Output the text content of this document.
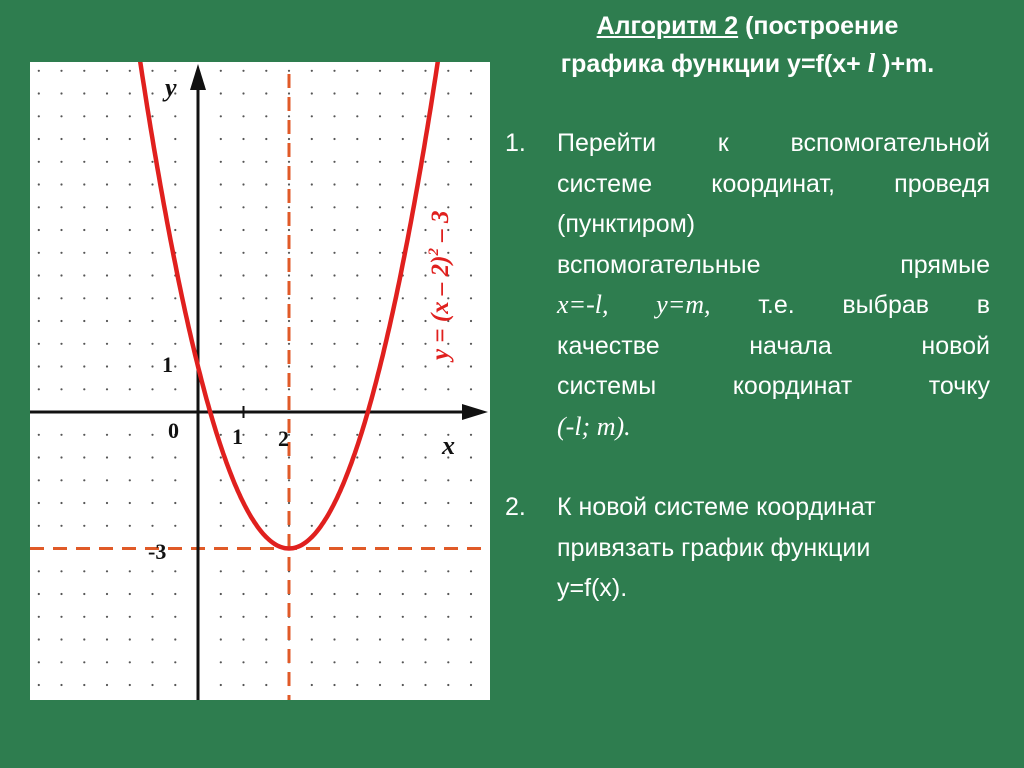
y
x
0 1 2
1
-3
y = (x – 2)$^2$ – 3

Алгоритм 2 (построение
графика функции y=f(x+ l )+m.

1.	Перейти к вспомогательной
системе координат, проведя
(пунктиром)
вспомогательные прямые
x=-l, y=m, т.е. выбрав в
качестве начала новой
системы координат точку
(-l; m).
2.	К новой системе координат
привязать график функции
y=f(x).
